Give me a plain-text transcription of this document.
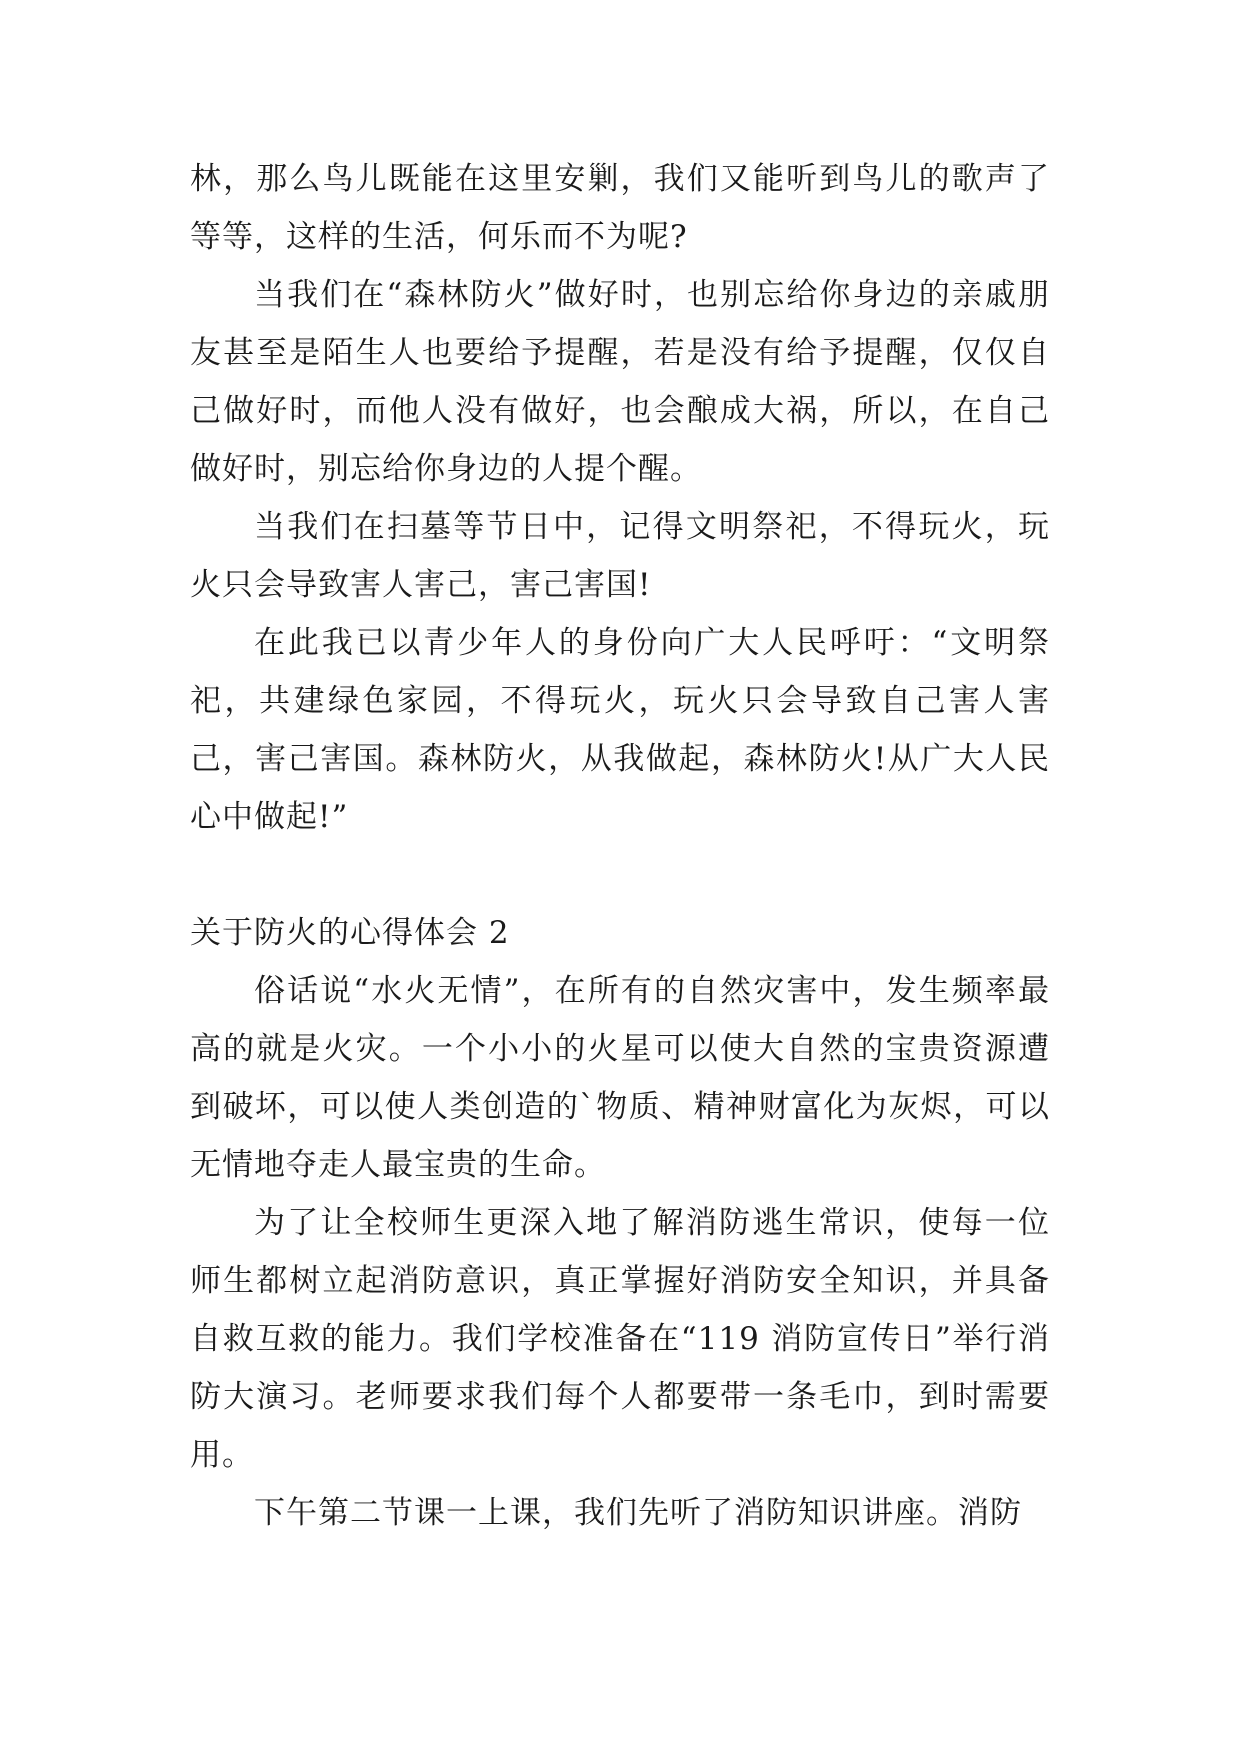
林，那么鸟儿既能在这里安剿，我们又能听到鸟儿的歌声了等等，这样的生活，何乐而不为呢?

当我们在“森林防火”做好时，也别忘给你身边的亲戚朋友甚至是陌生人也要给予提醒，若是没有给予提醒，仅仅自己做好时，而他人没有做好，也会酿成大祸，所以，在自己做好时，别忘给你身边的人提个醒。

当我们在扫墓等节日中，记得文明祭祀，不得玩火，玩火只会导致害人害己，害己害国!

在此我已以青少年人的身份向广大人民呼吁：“文明祭祀，共建绿色家园，不得玩火，玩火只会导致自己害人害己，害己害国。森林防火，从我做起，森林防火!从广大人民心中做起!”

关于防火的心得体会 2

俗话说“水火无情”，在所有的自然灾害中，发生频率最高的就是火灾。一个小小的火星可以使大自然的宝贵资源遭到破坏，可以使人类创造的`物质、精神财富化为灰烬，可以无情地夺走人最宝贵的生命。

为了让全校师生更深入地了解消防逃生常识，使每一位师生都树立起消防意识，真正掌握好消防安全知识，并具备自救互救的能力。我们学校准备在“119 消防宣传日”举行消防大演习。老师要求我们每个人都要带一条毛巾，到时需要用。

下午第二节课一上课，我们先听了消防知识讲座。消防
